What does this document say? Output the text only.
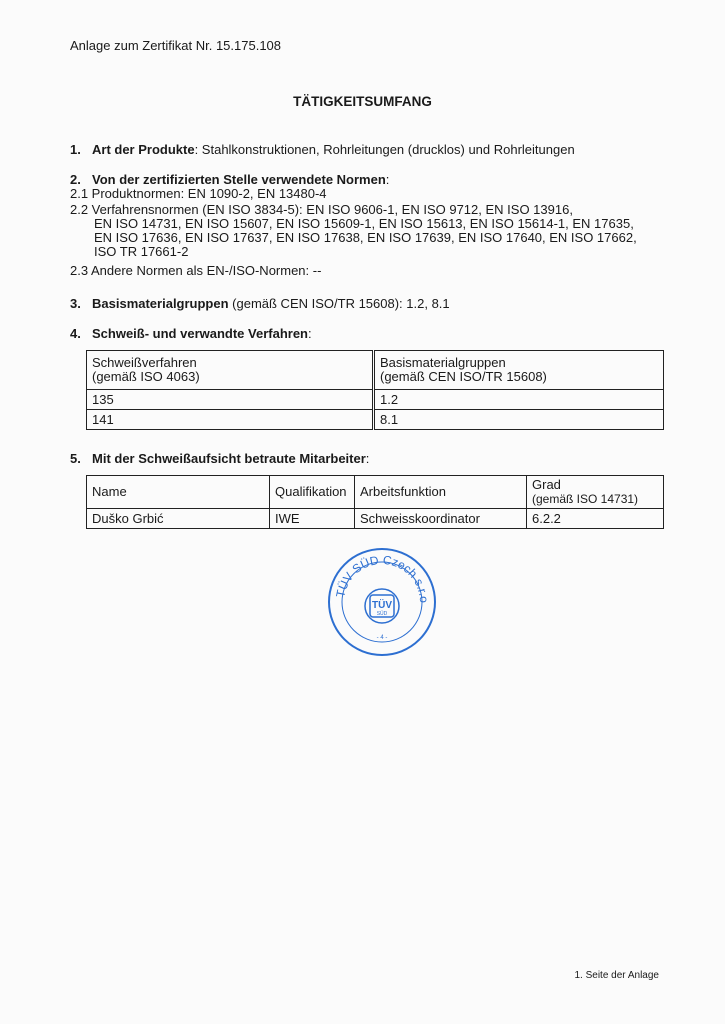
Anlage zum Zertifikat Nr. 15.175.108
TÄTIGKEITSUMFANG
1. Art der Produkte: Stahlkonstruktionen, Rohrleitungen (drucklos) und Rohrleitungen
2. Von der zertifizierten Stelle verwendete Normen:
2.1 Produktnormen: EN 1090-2, EN 13480-4
2.2 Verfahrensnormen (EN ISO 3834-5): EN ISO 9606-1, EN ISO 9712, EN ISO 13916,
EN ISO 14731, EN ISO 15607, EN ISO 15609-1, EN ISO 15613, EN ISO 15614-1, EN 17635,
EN ISO 17636, EN ISO 17637, EN ISO 17638, EN ISO 17639, EN ISO 17640, EN ISO 17662,
ISO TR 17661-2
2.3 Andere Normen als EN-/ISO-Normen: --
3. Basismaterialgruppen (gemäß CEN ISO/TR 15608): 1.2, 8.1
4. Schweiß- und verwandte Verfahren:
Schweißverfahren
(gemäß ISO 4063)	Basismaterialgruppen
(gemäß CEN ISO/TR 15608)
135	1.2
141	8.1
5. Mit der Schweißaufsicht betraute Mitarbeiter:
Name	Qualifikation	Arbeitsfunktion	Grad
(gemäß ISO 14731)
Duško Grbić	IWE	Schweisskoordinator	6.2.2
TÜV SÜD Czech s.r.o
TÜV
SÜD
- 4 -
1. Seite der Anlage
